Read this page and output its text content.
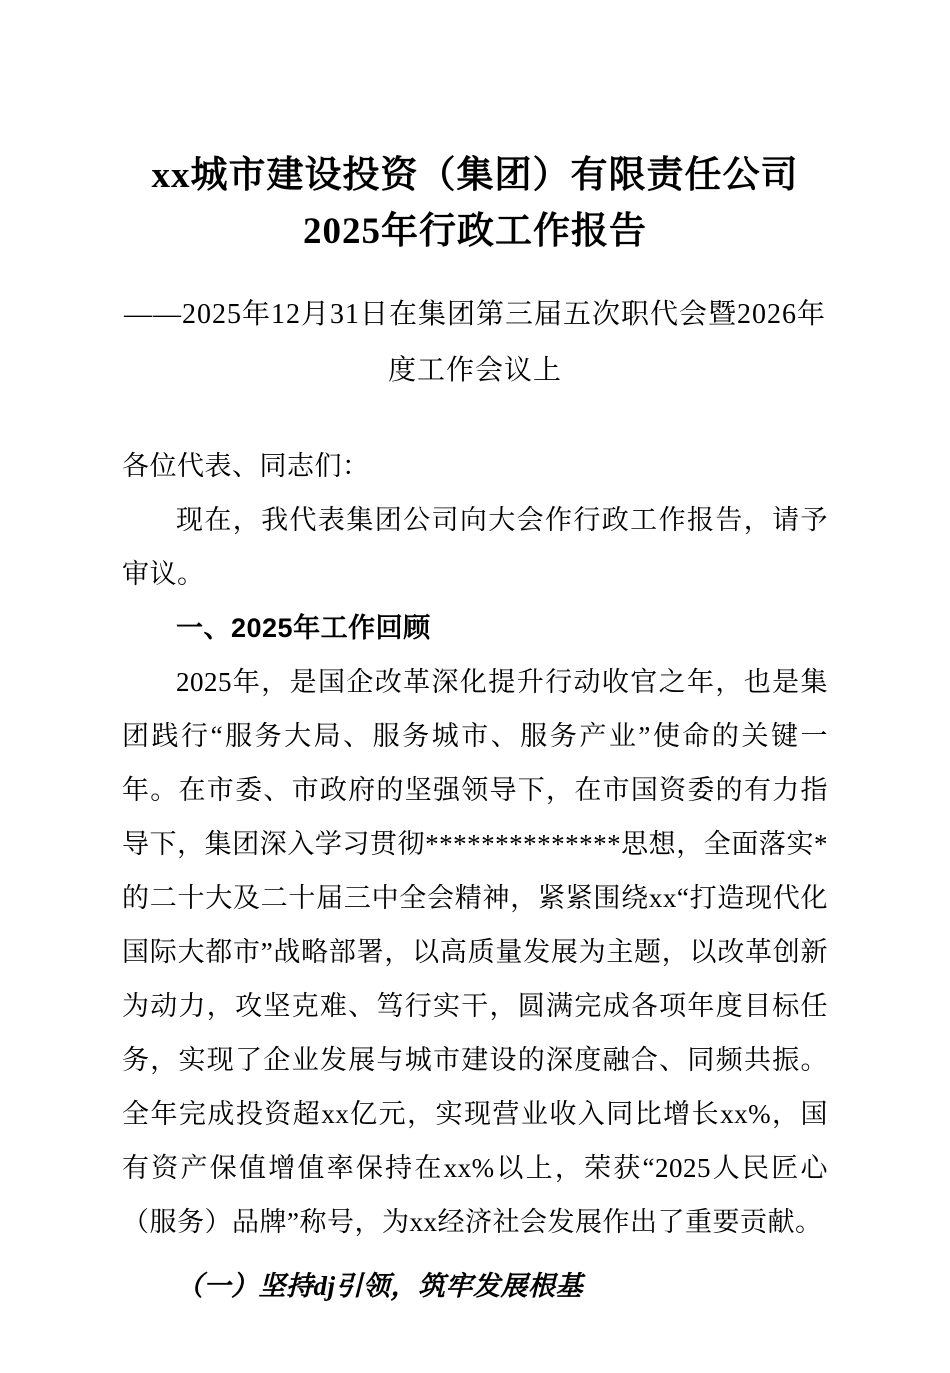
xx城市建设投资（集团）有限责任公司2025年行政工作报告
——2025年12月31日在集团第三届五次职代会暨2026年度工作会议上

各位代表、同志们：

现在，我代表集团公司向大会作行政工作报告，请予审议。

一、2025年工作回顾

2025年，是国企改革深化提升行动收官之年，也是集团践行“服务大局、服务城市、服务产业”使命的关键一年。在市委、市政府的坚强领导下，在市国资委的有力指导下，集团深入学习贯彻**************思想，全面落实*的二十大及二十届三中全会精神，紧紧围绕xx“打造现代化国际大都市”战略部署，以高质量发展为主题，以改革创新为动力，攻坚克难、笃行实干，圆满完成各项年度目标任务，实现了企业发展与城市建设的深度融合、同频共振。全年完成投资超xx亿元，实现营业收入同比增长xx%，国有资产保值增值率保持在xx%以上，荣获“2025人民匠心（服务）品牌”称号，为xx经济社会发展作出了重要贡献。

（一）坚持dj引领，筑牢发展根基
